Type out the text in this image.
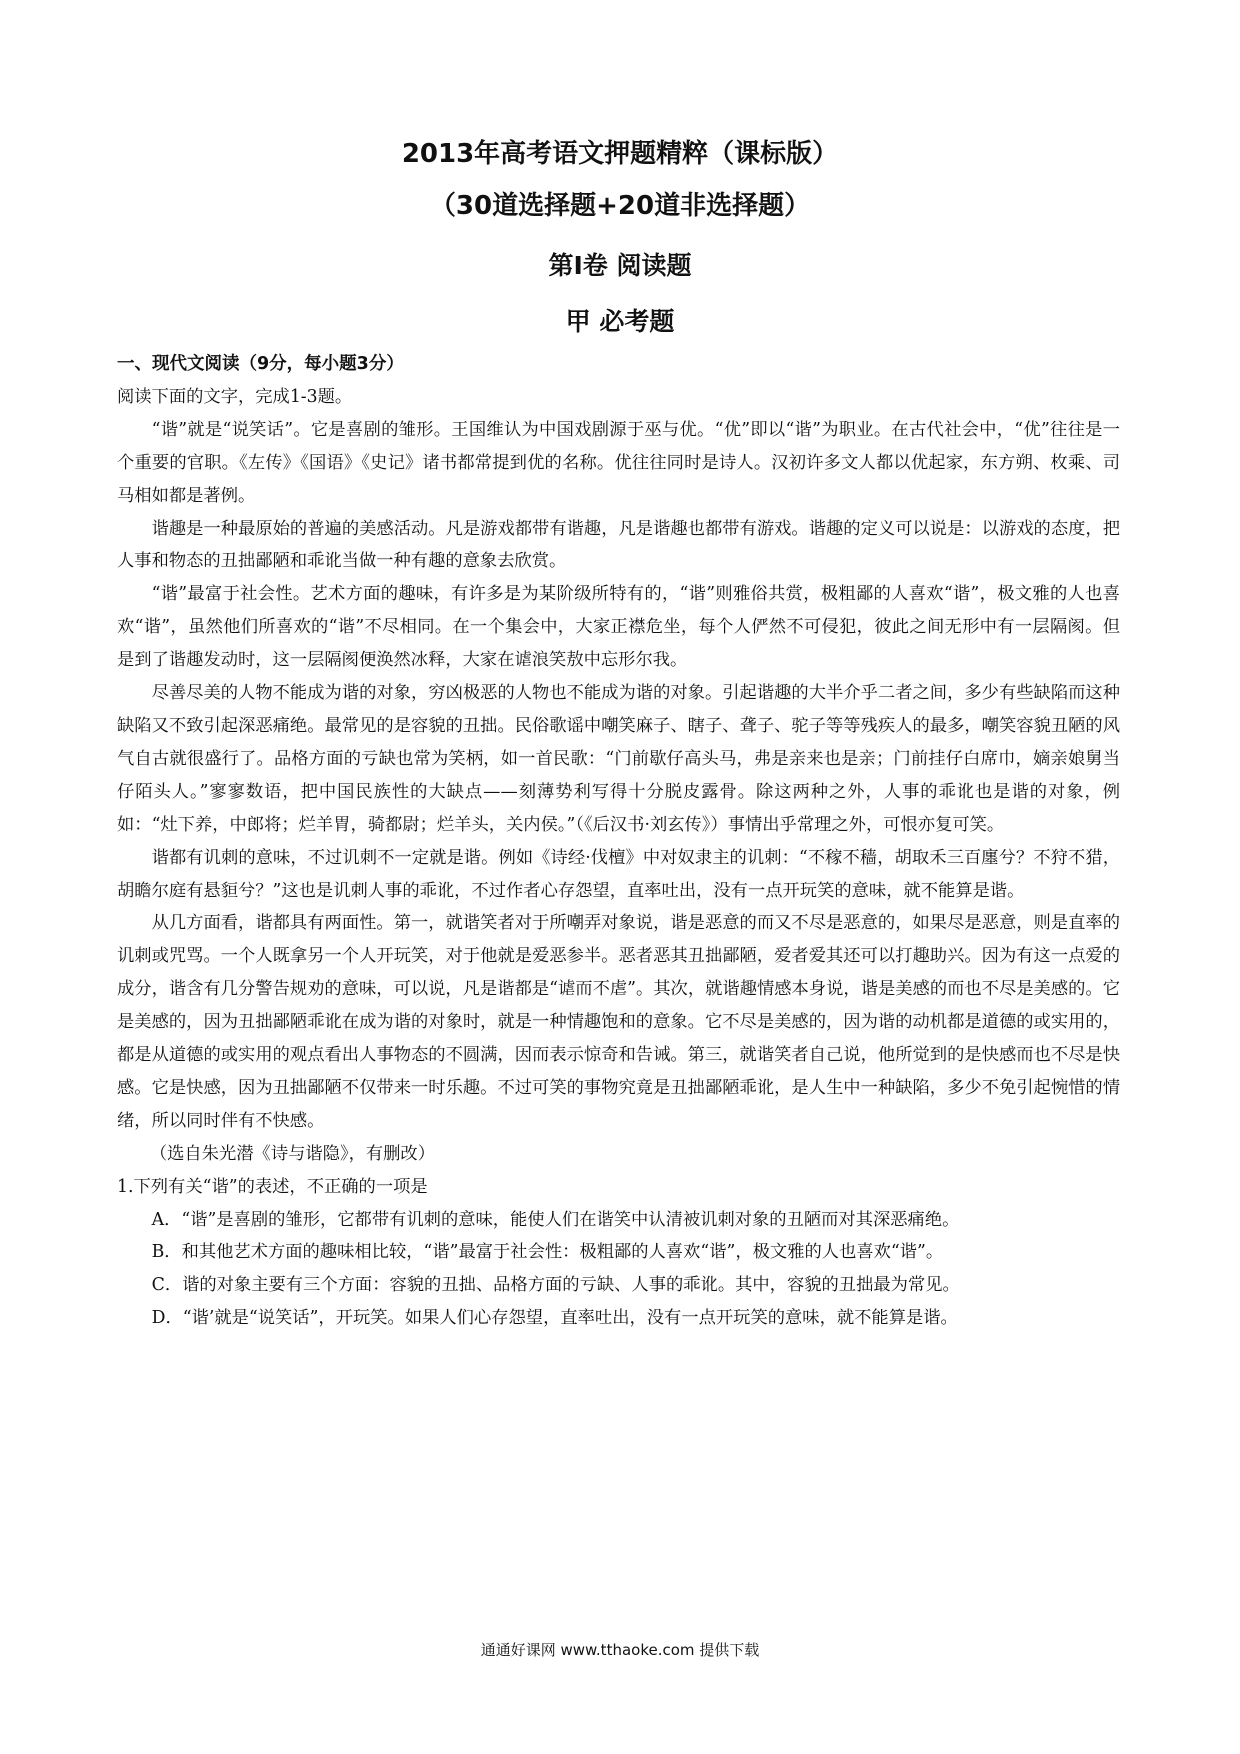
2013年高考语文押题精粹（课标版）

（30道选择题+20道非选择题）

第Ⅰ卷 阅读题
甲 必考题

一、现代文阅读（9分，每小题3分）

阅读下面的文字，完成1-3题。

“谐”就是“说笑话”。它是喜剧的雏形。王国维认为中国戏剧源于巫与优。“优”即以“谐”为职业。在古代社会中，“优”往往是一个重要的官职。《左传》《国语》《史记》诸书都常提到优的名称。优往往同时是诗人。汉初许多文人都以优起家，东方朔、枚乘、司马相如都是著例。

谐趣是一种最原始的普遍的美感活动。凡是游戏都带有谐趣，凡是谐趣也都带有游戏。谐趣的定义可以说是：以游戏的态度，把人事和物态的丑拙鄙陋和乖讹当做一种有趣的意象去欣赏。

“谐”最富于社会性。艺术方面的趣味，有许多是为某阶级所特有的，“谐”则雅俗共赏，极粗鄙的人喜欢“谐”，极文雅的人也喜欢“谐”，虽然他们所喜欢的“谐”不尽相同。在一个集会中，大家正襟危坐，每个人俨然不可侵犯，彼此之间无形中有一层隔阂。但是到了谐趣发动时，这一层隔阂便涣然冰释，大家在谑浪笑敖中忘形尔我。

尽善尽美的人物不能成为谐的对象，穷凶极恶的人物也不能成为谐的对象。引起谐趣的大半介乎二者之间，多少有些缺陷而这种缺陷又不致引起深恶痛绝。最常见的是容貌的丑拙。民俗歌谣中嘲笑麻子、瞎子、聋子、驼子等等残疾人的最多，嘲笑容貌丑陋的风气自古就很盛行了。品格方面的亏缺也常为笑柄，如一首民歌：“门前歇仔高头马，弗是亲来也是亲；门前挂仔白席巾，嫡亲娘舅当仔陌头人。”寥寥数语，把中国民族性的大缺点——刻薄势利写得十分脱皮露骨。除这两种之外，人事的乖讹也是谐的对象，例如：“灶下养，中郎将；烂羊胃，骑都尉；烂羊头，关内侯。”（《后汉书·刘玄传》）事情出乎常理之外，可恨亦复可笑。

谐都有讥刺的意味，不过讥刺不一定就是谐。例如《诗经·伐檀》中对奴隶主的讥刺：“不稼不穑，胡取禾三百廛兮？不狩不猎，胡瞻尔庭有悬貆兮？”这也是讥刺人事的乖讹，不过作者心存怨望，直率吐出，没有一点开玩笑的意味，就不能算是谐。

从几方面看，谐都具有两面性。第一，就谐笑者对于所嘲弄对象说，谐是恶意的而又不尽是恶意的，如果尽是恶意，则是直率的讥刺或咒骂。一个人既拿另一个人开玩笑，对于他就是爱恶参半。恶者恶其丑拙鄙陋，爱者爱其还可以打趣助兴。因为有这一点爱的成分，谐含有几分警告规劝的意味，可以说，凡是谐都是“谑而不虐”。其次，就谐趣情感本身说，谐是美感的而也不尽是美感的。它是美感的，因为丑拙鄙陋乖讹在成为谐的对象时，就是一种情趣饱和的意象。它不尽是美感的，因为谐的动机都是道德的或实用的，都是从道德的或实用的观点看出人事物态的不圆满，因而表示惊奇和告诫。第三，就谐笑者自己说，他所觉到的是快感而也不尽是快感。它是快感，因为丑拙鄙陋不仅带来一时乐趣。不过可笑的事物究竟是丑拙鄙陋乖讹，是人生中一种缺陷，多少不免引起惋惜的情绪，所以同时伴有不快感。

（选自朱光潜《诗与谐隐》，有删改）

1.下列有关“谐”的表述，不正确的一项是

A．“谐”是喜剧的雏形，它都带有讥刺的意味，能使人们在谐笑中认清被讥刺对象的丑陋而对其深恶痛绝。

B．和其他艺术方面的趣味相比较，“谐”最富于社会性：极粗鄙的人喜欢“谐”，极文雅的人也喜欢“谐”。

C．谐的对象主要有三个方面：容貌的丑拙、品格方面的亏缺、人事的乖讹。其中，容貌的丑拙最为常见。

D．“谐’就是“说笑话”，开玩笑。如果人们心存怨望，直率吐出，没有一点开玩笑的意味，就不能算是谐。

通通好课网 www.tthaoke.com 提供下载
